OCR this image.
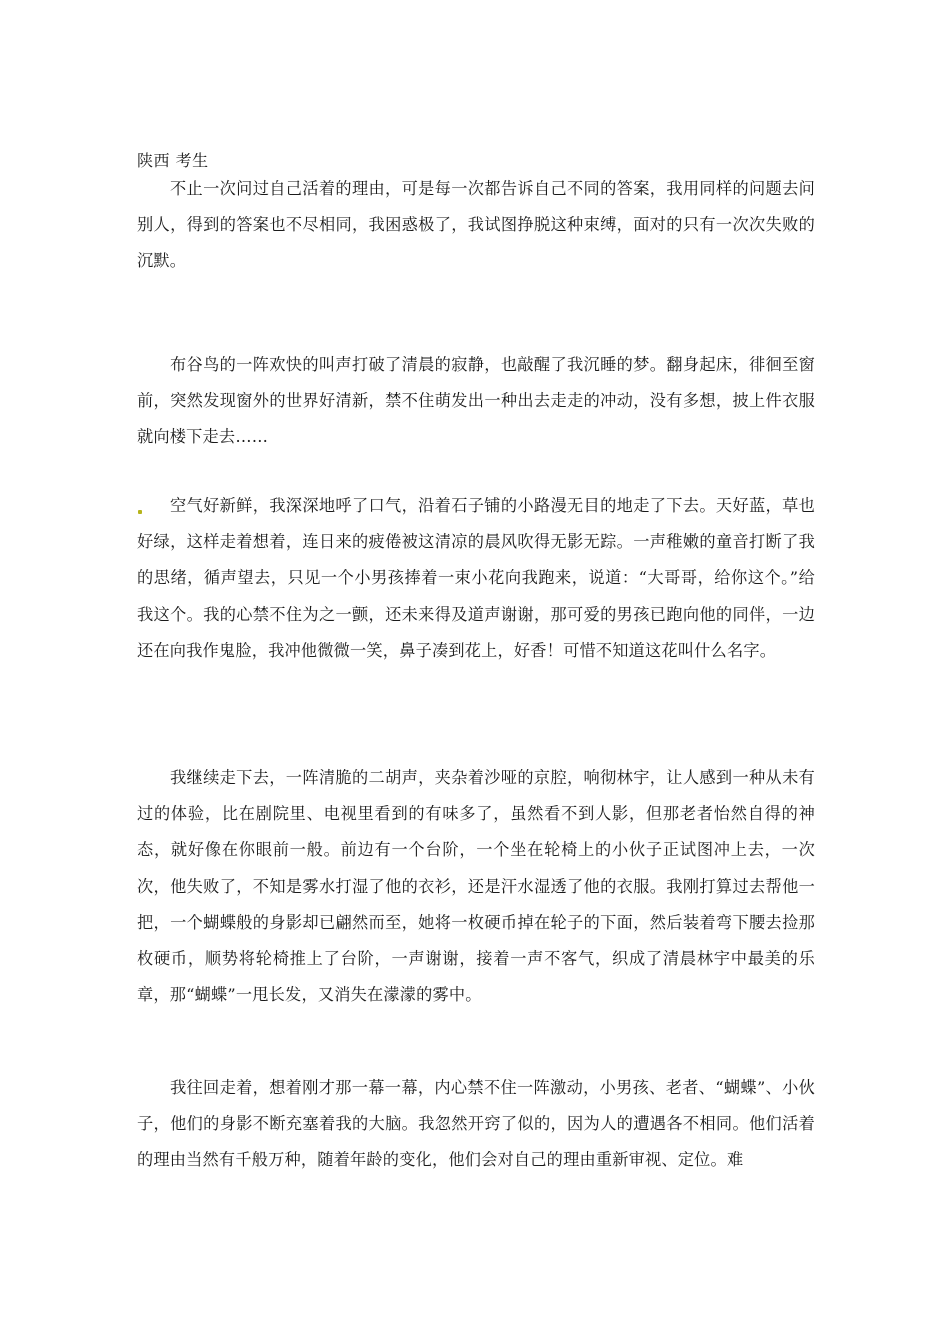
陕西 考生

不止一次问过自己活着的理由，可是每一次都告诉自己不同的答案，我用同样的问题去问别人，得到的答案也不尽相同，我困惑极了，我试图挣脱这种束缚，面对的只有一次次失败的沉默。

布谷鸟的一阵欢快的叫声打破了清晨的寂静，也敲醒了我沉睡的梦。翻身起床，徘徊至窗前，突然发现窗外的世界好清新，禁不住萌发出一种出去走走的冲动，没有多想，披上件衣服就向楼下走去……

空气好新鲜，我深深地呼了口气，沿着石子铺的小路漫无目的地走了下去。天好蓝，草也好绿，这样走着想着，连日来的疲倦被这清凉的晨风吹得无影无踪。一声稚嫩的童音打断了我的思绪，循声望去，只见一个小男孩捧着一束小花向我跑来，说道：“大哥哥，给你这个。”给我这个。我的心禁不住为之一颤，还未来得及道声谢谢，那可爱的男孩已跑向他的同伴，一边还在向我作鬼脸，我冲他微微一笑，鼻子凑到花上，好香！可惜不知道这花叫什么名字。

我继续走下去，一阵清脆的二胡声，夹杂着沙哑的京腔，响彻林宇，让人感到一种从未有过的体验，比在剧院里、电视里看到的有味多了，虽然看不到人影，但那老者怡然自得的神态，就好像在你眼前一般。前边有一个台阶，一个坐在轮椅上的小伙子正试图冲上去，一次次，他失败了，不知是雾水打湿了他的衣衫，还是汗水湿透了他的衣服。我刚打算过去帮他一把，一个蝴蝶般的身影却已翩然而至，她将一枚硬币掉在轮子的下面，然后装着弯下腰去捡那枚硬币，顺势将轮椅推上了台阶，一声谢谢，接着一声不客气，织成了清晨林宇中最美的乐章，那“蝴蝶”一甩长发，又消失在濛濛的雾中。

我往回走着，想着刚才那一幕一幕，内心禁不住一阵激动，小男孩、老者、“蝴蝶”、小伙子，他们的身影不断充塞着我的大脑。我忽然开窍了似的，因为人的遭遇各不相同。他们活着的理由当然有千般万种，随着年龄的变化，他们会对自己的理由重新审视、定位。难
